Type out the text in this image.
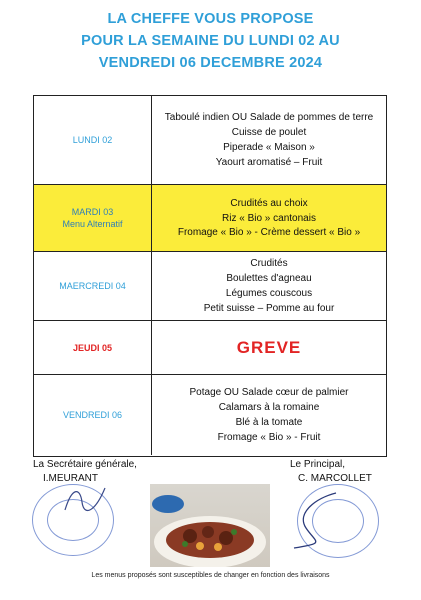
LA CHEFFE VOUS PROPOSE
POUR LA SEMAINE DU LUNDI 02 AU
VENDREDI 06 DECEMBRE 2024
LUNDI 02
Taboulé indien OU Salade de pommes de terre
Cuisse de poulet
Piperade « Maison »
Yaourt aromatisé – Fruit
MARDI 03
Menu Alternatif
Crudités au choix
Riz « Bio » cantonais
Fromage « Bio » - Crème dessert « Bio »
MAERCREDI 04
Crudités
Boulettes d'agneau
Légumes couscous
Petit suisse – Pomme au four
JEUDI 05	GREVE
VENDREDI 06
Potage OU Salade cœur de palmier
Calamars à la romaine
Blé à la tomate
Fromage « Bio » - Fruit
La Secrétaire générale,
I.MEURANT
Le Principal,
C. MARCOLLET
Les menus proposés sont susceptibles de changer en fonction des livraisons
